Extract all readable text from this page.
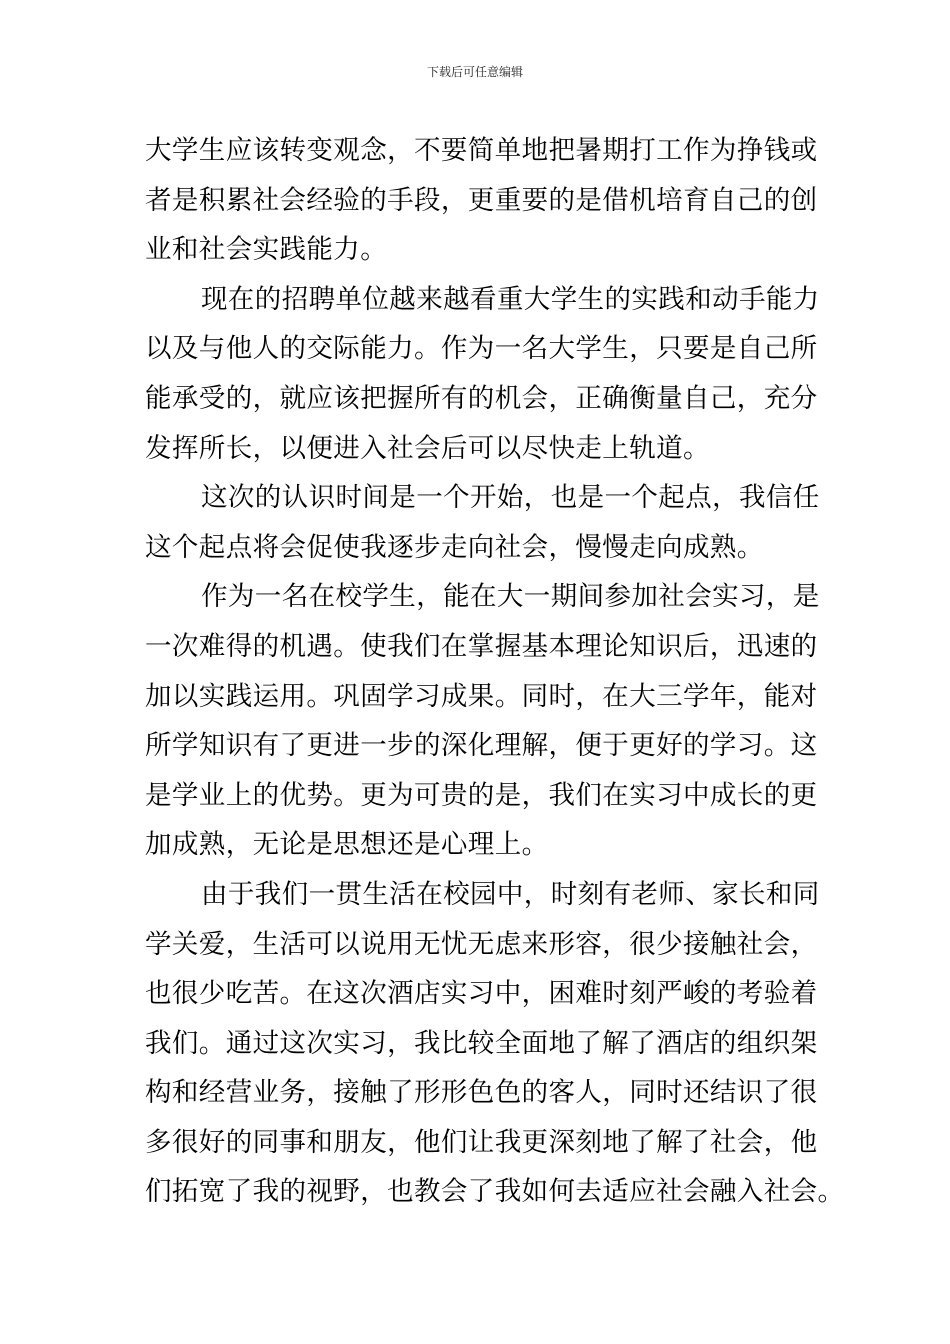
下载后可任意编辑
大学生应该转变观念，不要简单地把暑期打工作为挣钱或
者是积累社会经验的手段，更重要的是借机培育自己的创
业和社会实践能力。
现在的招聘单位越来越看重大学生的实践和动手能力
以及与他人的交际能力。作为一名大学生，只要是自己所
能承受的，就应该把握所有的机会，正确衡量自己，充分
发挥所长，以便进入社会后可以尽快走上轨道。
这次的认识时间是一个开始，也是一个起点，我信任
这个起点将会促使我逐步走向社会，慢慢走向成熟。
作为一名在校学生，能在大一期间参加社会实习，是
一次难得的机遇。使我们在掌握基本理论知识后，迅速的
加以实践运用。巩固学习成果。同时，在大三学年，能对
所学知识有了更进一步的深化理解，便于更好的学习。这
是学业上的优势。更为可贵的是，我们在实习中成长的更
加成熟，无论是思想还是心理上。
由于我们一贯生活在校园中，时刻有老师、家长和同
学关爱，生活可以说用无忧无虑来形容，很少接触社会，
也很少吃苦。在这次酒店实习中，困难时刻严峻的考验着
我们。通过这次实习，我比较全面地了解了酒店的组织架
构和经营业务，接触了形形色色的客人，同时还结识了很
多很好的同事和朋友，他们让我更深刻地了解了社会，他
们拓宽了我的视野，也教会了我如何去适应社会融入社会。
